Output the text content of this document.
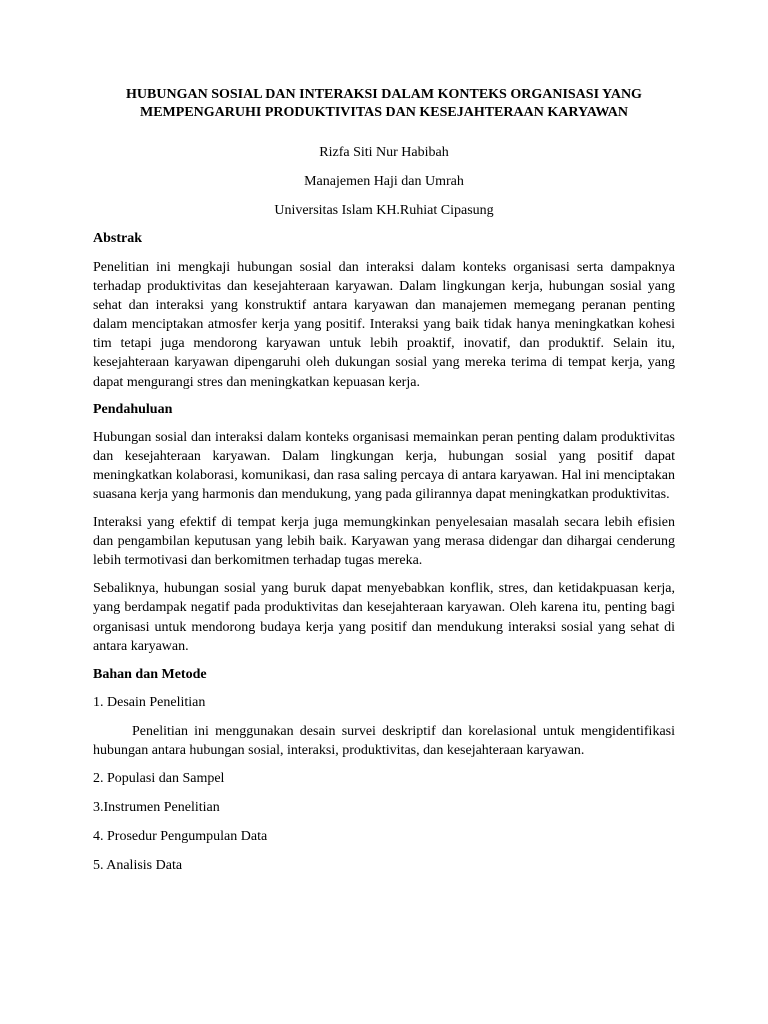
HUBUNGAN SOSIAL DAN INTERAKSI DALAM KONTEKS ORGANISASI YANG
MEMPENGARUHI PRODUKTIVITAS DAN KESEJAHTERAAN KARYAWAN

Rizfa Siti Nur Habibah

Manajemen Haji dan Umrah

Universitas Islam KH.Ruhiat Cipasung

Abstrak

Penelitian ini mengkaji hubungan sosial dan interaksi dalam konteks organisasi serta dampaknya terhadap produktivitas dan kesejahteraan karyawan. Dalam lingkungan kerja, hubungan sosial yang sehat dan interaksi yang konstruktif antara karyawan dan manajemen memegang peranan penting dalam menciptakan atmosfer kerja yang positif. Interaksi yang baik tidak hanya meningkatkan kohesi tim tetapi juga mendorong karyawan untuk lebih proaktif, inovatif, dan produktif. Selain itu, kesejahteraan karyawan dipengaruhi oleh dukungan sosial yang mereka terima di tempat kerja, yang dapat mengurangi stres dan meningkatkan kepuasan kerja.

Pendahuluan

Hubungan sosial dan interaksi dalam konteks organisasi memainkan peran penting dalam produktivitas dan kesejahteraan karyawan. Dalam lingkungan kerja, hubungan sosial yang positif dapat meningkatkan kolaborasi, komunikasi, dan rasa saling percaya di antara karyawan. Hal ini menciptakan suasana kerja yang harmonis dan mendukung, yang pada gilirannya dapat meningkatkan produktivitas.

Interaksi yang efektif di tempat kerja juga memungkinkan penyelesaian masalah secara lebih efisien dan pengambilan keputusan yang lebih baik. Karyawan yang merasa didengar dan dihargai cenderung lebih termotivasi dan berkomitmen terhadap tugas mereka.

Sebaliknya, hubungan sosial yang buruk dapat menyebabkan konflik, stres, dan ketidakpuasan kerja, yang berdampak negatif pada produktivitas dan kesejahteraan karyawan. Oleh karena itu, penting bagi organisasi untuk mendorong budaya kerja yang positif dan mendukung interaksi sosial yang sehat di antara karyawan.

Bahan dan Metode

1. Desain Penelitian

Penelitian ini menggunakan desain survei deskriptif dan korelasional untuk mengidentifikasi hubungan antara hubungan sosial, interaksi, produktivitas, dan kesejahteraan karyawan.

2. Populasi dan Sampel

3.Instrumen Penelitian

4. Prosedur Pengumpulan Data

5. Analisis Data
